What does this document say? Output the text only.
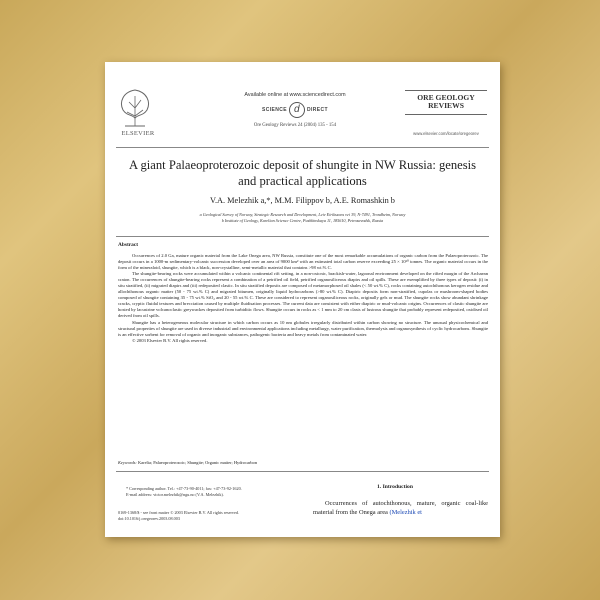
ELSEVIER
Available online at www.sciencedirect.com
SCIENCE d	DIRECT
Ore Geology Reviews 24 (2004) 135 - 154
ORE GEOLOGY REVIEWS
www.elsevier.com/locate/oregeorev
A giant Palaeoproterozoic deposit of shungite in NW Russia: genesis and practical applications
V.A. Melezhik a,*, M.M. Filippov b, A.E. Romashkin b
a Geological Survey of Norway, Strategic Research and Development, Leiv Eirikssons vei 39, N-7491, Trondheim, Norway
b Institute of Geology, Karelian Science Centre, Pushkinskaya 11, 185610, Petrozavodsk, Russia
Abstract

Occurrences of 2.0 Ga, mature organic material from the Lake Onega area, NW Russia, constitute one of the most remarkable accumulations of organic carbon from the Palaeoproterozoic. The deposit occurs in a 1000-m sedimentary-volcanic succession developed over an area of 9000 km² with an estimated total carbon reserve exceeding 25 × 10¹⁰ tonnes. The organic material occurs in the form of the mineraloid, shungite, which is a black, non-crystalline, semi-metallic material that contains >98 wt.% C.

The shungite-bearing rocks were accumulated within a volcanic continental rift setting, in a non-oxicnic, brackish-water, lagoonal environment developed on the rifted margin of the Archaean craton. The occurrences of shungite-bearing rocks represent a combination of a petrified oil field, petrified organosiliceous diapirs and oil spills. These are exemplified by three types of deposit: (i) in situ stratified, (ii) migrated diapirs and (iii) redeposited clastic. In situ stratified deposits are composed of metamorphosed oil shales (< 50 wt.% C), rocks containing autochthonous kerogen residue and allochthonous organic matter (50 - 75 wt.% C) and migrated bitumen, originally liquid hydrocarbons (>80 wt.% C). Diapiric deposits form non-stratified, cupolas or mushroom-shaped bodies composed of shungite containing 35 - 75 wt.% SiO₂ and 20 - 55 wt.% C. These are considered to represent organosiliceous rocks, originally gels or mud. The shungite rocks show abundant shrinkage cracks, cryptic fluidal textures and brecciation caused by multiple fluidisation processes. The current data are consistent with either diapiric or mud-volcanic origins. Occurrences of clastic shungite are hosted by lacustrine volcanoclastic greywackes deposited from turbiditic flows. Shungite occurs in rocks as < 1 mm to 20 cm clasts of lustrous shungite that probably represent redeposited, oxidised oil derived from oil spills.

Shungite has a heterogeneous molecular structure in which carbon occurs as 10 nm globules irregularly distributed within carbon showing no structure. The unusual physicochemical and structural properties of shungite are used in diverse industrial and environmental applications including metallurgy, water purification, thermolysis and organosynthesis of cyclic hydrocarbons. Shungite is an effective sorbent for removal of organic and inorganic substances, pathogenic bacteria and heavy metals from contaminated water.

© 2003 Elsevier B.V. All rights reserved.

Keywords: Karelia; Palaeoproterozoic; Shungite; Organic matter; Hydrocarbon

* Corresponding author. Tel.: +47-73-90-4011; fax: +47-73-92-1620.

E-mail address: victor.melezhik@ngu.no (V.A. Melezhik).

0169-1368/$ - see front matter © 2003 Elsevier B.V. All rights reserved.
doi:10.1016/j.oregeorev.2003.08.003
1. Introduction
Occurrences of autochthonous, mature, organic coal-like material from the Onega area (Melezhik et
